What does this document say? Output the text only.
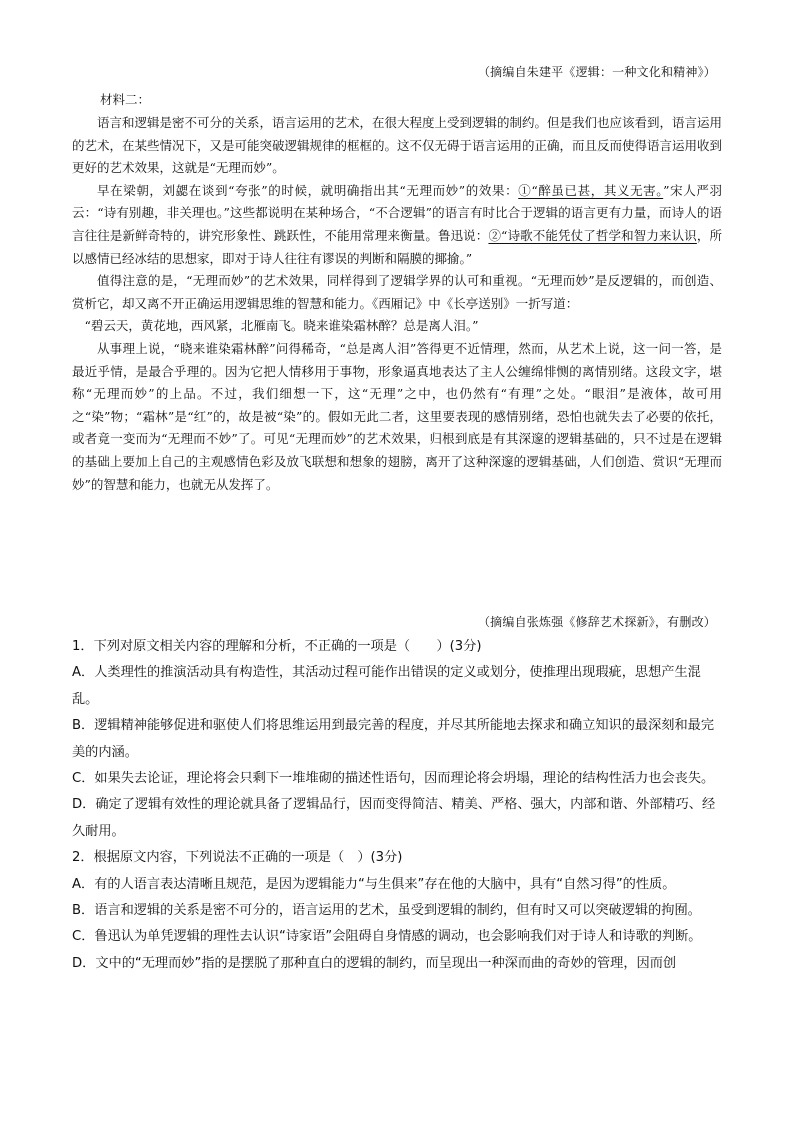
（摘编自朱建平《逻辑：一种文化和精神》）
材料二：

语言和逻辑是密不可分的关系，语言运用的艺术，在很大程度上受到逻辑的制约。但是我们也应该看到，语言运用的艺术，在某些情况下，又是可能突破逻辑规律的框框的。这不仅无碍于语言运用的正确，而且反而使得语言运用收到更好的艺术效果，这就是“无理而妙”。

早在梁朝，刘勰在谈到“夸张”的时候，就明确指出其“无理而妙”的效果：①“醉虽已甚，其义无害。”宋人严羽云：“诗有别趣，非关理也。”这些都说明在某种场合，“不合逻辑”的语言有时比合于逻辑的语言更有力量，而诗人的语言往往是新鲜奇特的，讲究形象性、跳跃性，不能用常理来衡量。鲁迅说：②“诗歌不能凭仗了哲学和智力来认识，所以感情已经冰结的思想家，即对于诗人往往有谬误的判断和隔膜的揶揄。”

值得注意的是，“无理而妙”的艺术效果，同样得到了逻辑学界的认可和重视。“无理而妙”是反逻辑的，而创造、赏析它，却又离不开正确运用逻辑思维的智慧和能力。《西厢记》中《长亭送别》一折写道：

“碧云天，黄花地，西风紧，北雁南飞。晓来谁染霜林醉？总是离人泪。”

从事理上说，“晓来谁染霜林醉”问得稀奇，“总是离人泪”答得更不近情理，然而，从艺术上说，这一问一答，是最近乎情，是最合乎理的。因为它把人情移用于事物，形象逼真地表达了主人公缠绵悱恻的离情别绪。这段文字，堪称“无理而妙”的上品。不过，我们细想一下，这“无理”之中，也仍然有“有理”之处。“眼泪”是液体，故可用之“染”物；“霜林”是“红”的，故是被“染”的。假如无此二者，这里要表现的感情别绪，恐怕也就失去了必要的依托，或者竟一变而为“无理而不妙”了。可见“无理而妙”的艺术效果，归根到底是有其深邃的逻辑基础的，只不过是在逻辑的基础上要加上自己的主观感情色彩及放飞联想和想象的翅膀，离开了这种深邃的逻辑基础，人们创造、赏识“无理而妙”的智慧和能力，也就无从发挥了。

（摘编自张炼强《修辞艺术探新》，有删改）

1．下列对原文相关内容的理解和分析，不正确的一项是（　　）(3分)

A．人类理性的推演活动具有构造性，其活动过程可能作出错误的定义或划分，使推理出现瑕疵，思想产生混乱。

B．逻辑精神能够促进和驱使人们将思维运用到最完善的程度，并尽其所能地去探求和确立知识的最深刻和最完美的内涵。

C．如果失去论证，理论将会只剩下一堆堆砌的描述性语句，因而理论将会坍塌，理论的结构性活力也会丧失。

D．确定了逻辑有效性的理论就具备了逻辑品行，因而变得简洁、精美、严格、强大，内部和谐、外部精巧、经久耐用。

2．根据原文内容，下列说法不正确的一项是（　）(3分)

A．有的人语言表达清晰且规范，是因为逻辑能力“与生俱来”存在他的大脑中，具有“自然习得”的性质。

B．语言和逻辑的关系是密不可分的，语言运用的艺术，虽受到逻辑的制约，但有时又可以突破逻辑的拘囿。

C．鲁迅认为单凭逻辑的理性去认识“诗家语”会阻碍自身情感的调动，也会影响我们对于诗人和诗歌的判断。

D．文中的“无理而妙”指的是摆脱了那种直白的逻辑的制约，而呈现出一种深而曲的奇妙的管理，因而创
